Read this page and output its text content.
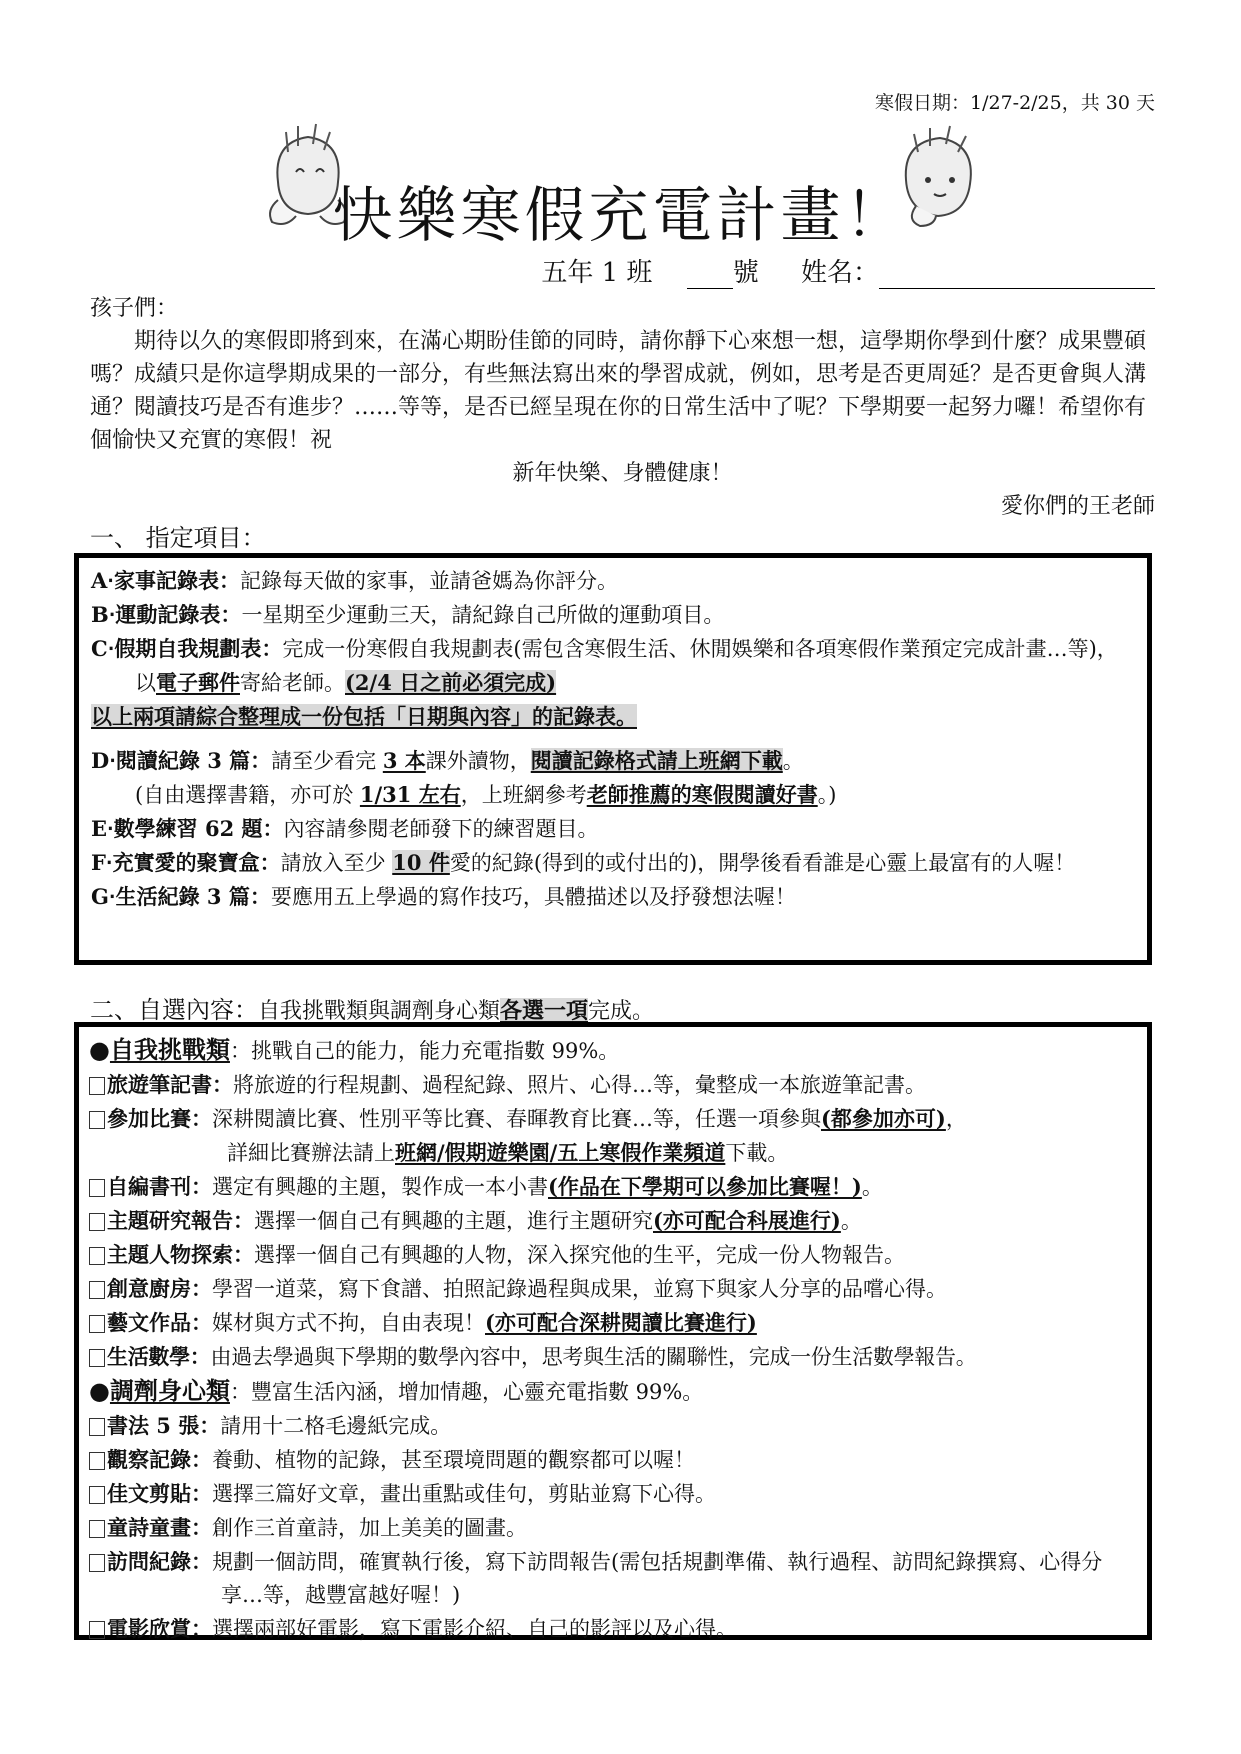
寒假日期：1/27-2/25，共 30 天
快樂寒假充電計畫！
五年 1 班	號 姓名：

孩子們：

期待以久的寒假即將到來，在滿心期盼佳節的同時，請你靜下心來想一想，這學期你學到什麼？成果豐碩嗎？成績只是你這學期成果的一部分，有些無法寫出來的學習成就，例如，思考是否更周延？是否更會與人溝通？閱讀技巧是否有進步？……等等，是否已經呈現在你的日常生活中了呢？下學期要一起努力囉！希望你有個愉快又充實的寒假！祝

新年快樂、身體健康！

愛你們的王老師

一、 指定項目：

A‧家事記錄表：記錄每天做的家事，並請爸媽為你評分。

B‧運動記錄表：一星期至少運動三天，請紀錄自己所做的運動項目。

C‧假期自我規劃表：完成一份寒假自我規劃表(需包含寒假生活、休閒娛樂和各項寒假作業預定完成計畫…等)，以電子郵件寄給老師。(2/4 日之前必須完成)

以上兩項請綜合整理成一份包括「日期與內容」的記錄表。

D‧閱讀紀錄 3 篇：請至少看完 3 本課外讀物，閱讀記錄格式請上班網下載。

(自由選擇書籍，亦可於 1/31 左右，上班網參考老師推薦的寒假閱讀好書。)

E‧數學練習 62 題：內容請參閱老師發下的練習題目。

F‧充實愛的聚寶盒：請放入至少 10 件愛的紀錄(得到的或付出的)，開學後看看誰是心靈上最富有的人喔！

G‧生活紀錄 3 篇：要應用五上學過的寫作技巧，具體描述以及抒發想法喔！

二、自選內容：自我挑戰類與調劑身心類各選一項完成。

●自我挑戰類：挑戰自己的能力，能力充電指數 99%。

旅遊筆記書：將旅遊的行程規劃、過程紀錄、照片、心得…等，彙整成一本旅遊筆記書。

參加比賽：深耕閱讀比賽、性別平等比賽、春暉教育比賽…等，任選一項參與(都參加亦可)，

詳細比賽辦法請上班網/假期遊樂園/五上寒假作業頻道下載。

自編書刊：選定有興趣的主題，製作成一本小書(作品在下學期可以參加比賽喔！)。

主題研究報告：選擇一個自己有興趣的主題，進行主題研究(亦可配合科展進行)。

主題人物探索：選擇一個自己有興趣的人物，深入探究他的生平，完成一份人物報告。

創意廚房：學習一道菜，寫下食譜、拍照記錄過程與成果，並寫下與家人分享的品嚐心得。

藝文作品：媒材與方式不拘，自由表現！(亦可配合深耕閱讀比賽進行)

生活數學：由過去學過與下學期的數學內容中，思考與生活的關聯性，完成一份生活數學報告。

●調劑身心類：豐富生活內涵，增加情趣，心靈充電指數 99%。

書法 5 張：請用十二格毛邊紙完成。

觀察記錄：養動、植物的記錄，甚至環境問題的觀察都可以喔！

佳文剪貼：選擇三篇好文章，畫出重點或佳句，剪貼並寫下心得。

童詩童畫：創作三首童詩，加上美美的圖畫。

訪問紀錄：規劃一個訪問，確實執行後，寫下訪問報告(需包括規劃準備、執行過程、訪問紀錄撰寫、心得分享…等，越豐富越好喔！)

電影欣賞：選擇兩部好電影，寫下電影介紹、自己的影評以及心得。
